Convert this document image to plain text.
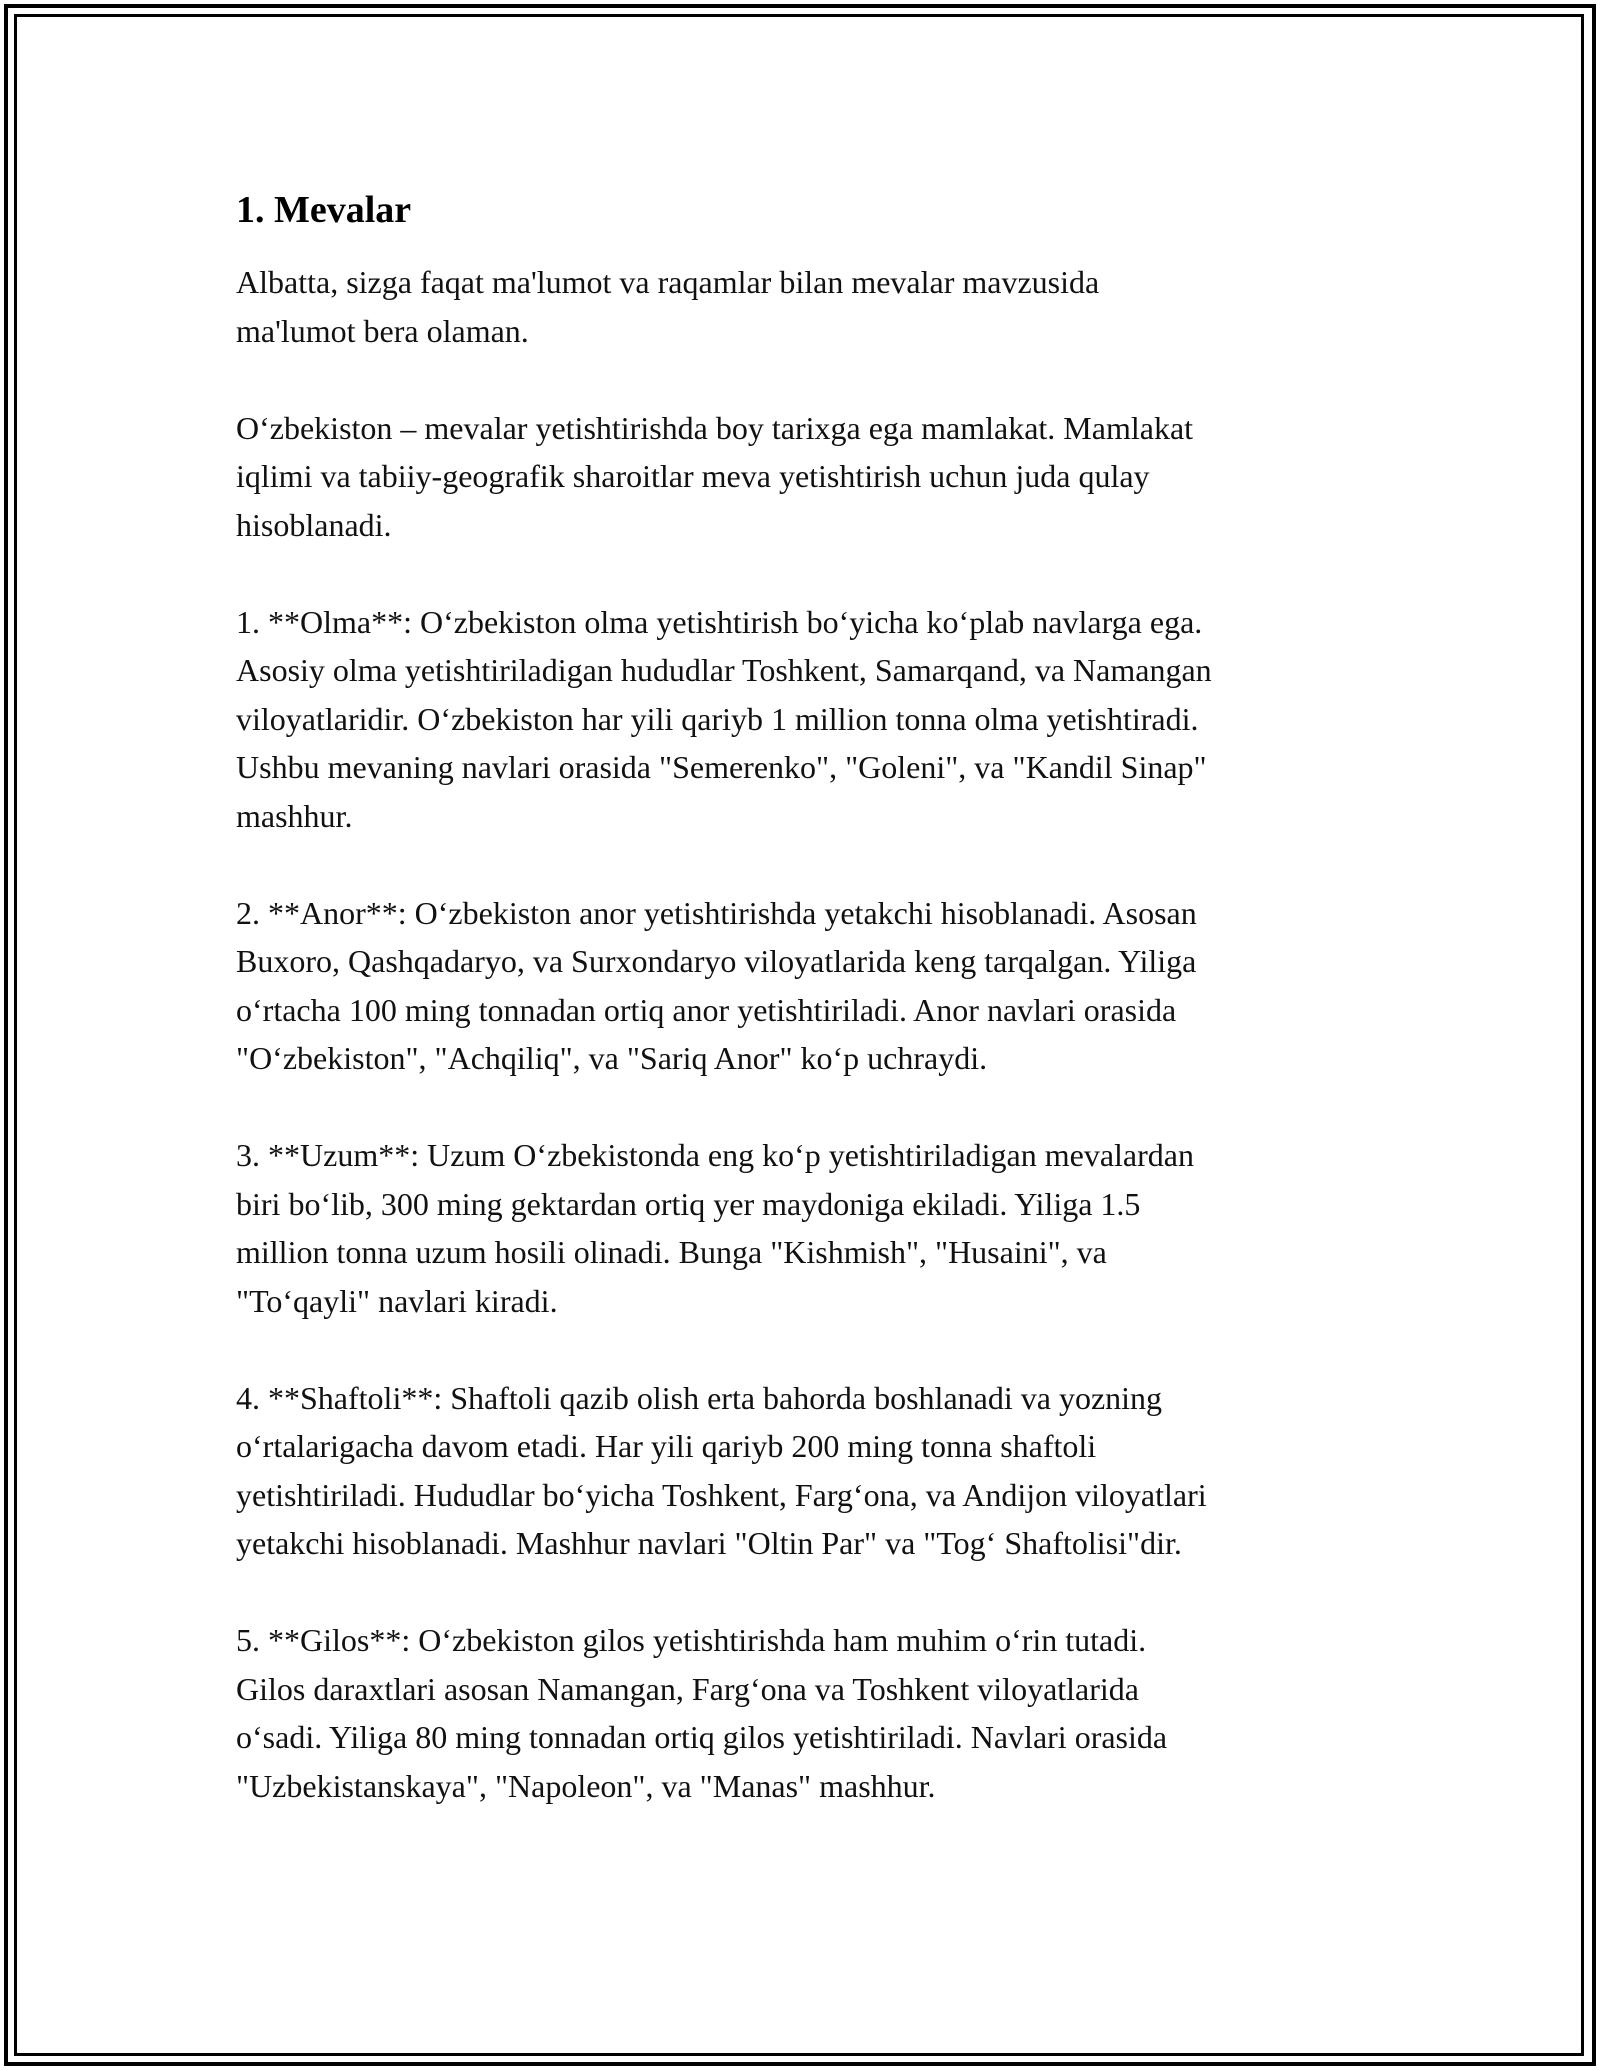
1. Mevalar

Albatta, sizga faqat ma'lumot va raqamlar bilan mevalar mavzusida
ma'lumot bera olaman.

O‘zbekiston – mevalar yetishtirishda boy tarixga ega mamlakat. Mamlakat
iqlimi va tabiiy-geografik sharoitlar meva yetishtirish uchun juda qulay
hisoblanadi.

1. **Olma**: O‘zbekiston olma yetishtirish bo‘yicha ko‘plab navlarga ega.
Asosiy olma yetishtiriladigan hududlar Toshkent, Samarqand, va Namangan
viloyatlaridir. O‘zbekiston har yili qariyb 1 million tonna olma yetishtiradi.
Ushbu mevaning navlari orasida "Semerenko", "Goleni", va "Kandil Sinap"
mashhur.

2. **Anor**: O‘zbekiston anor yetishtirishda yetakchi hisoblanadi. Asosan
Buxoro, Qashqadaryo, va Surxondaryo viloyatlarida keng tarqalgan. Yiliga
o‘rtacha 100 ming tonnadan ortiq anor yetishtiriladi. Anor navlari orasida
"O‘zbekiston", "Achqiliq", va "Sariq Anor" ko‘p uchraydi.

3. **Uzum**: Uzum O‘zbekistonda eng ko‘p yetishtiriladigan mevalardan
biri bo‘lib, 300 ming gektardan ortiq yer maydoniga ekiladi. Yiliga 1.5
million tonna uzum hosili olinadi. Bunga "Kishmish", "Husaini", va
"To‘qayli" navlari kiradi.

4. **Shaftoli**: Shaftoli qazib olish erta bahorda boshlanadi va yozning
o‘rtalarigacha davom etadi. Har yili qariyb 200 ming tonna shaftoli
yetishtiriladi. Hududlar bo‘yicha Toshkent, Farg‘ona, va Andijon viloyatlari
yetakchi hisoblanadi. Mashhur navlari "Oltin Par" va "Tog‘ Shaftolisi"dir.

5. **Gilos**: O‘zbekiston gilos yetishtirishda ham muhim o‘rin tutadi.
Gilos daraxtlari asosan Namangan, Farg‘ona va Toshkent viloyatlarida
o‘sadi. Yiliga 80 ming tonnadan ortiq gilos yetishtiriladi. Navlari orasida
"Uzbekistanskaya", "Napoleon", va "Manas" mashhur.
